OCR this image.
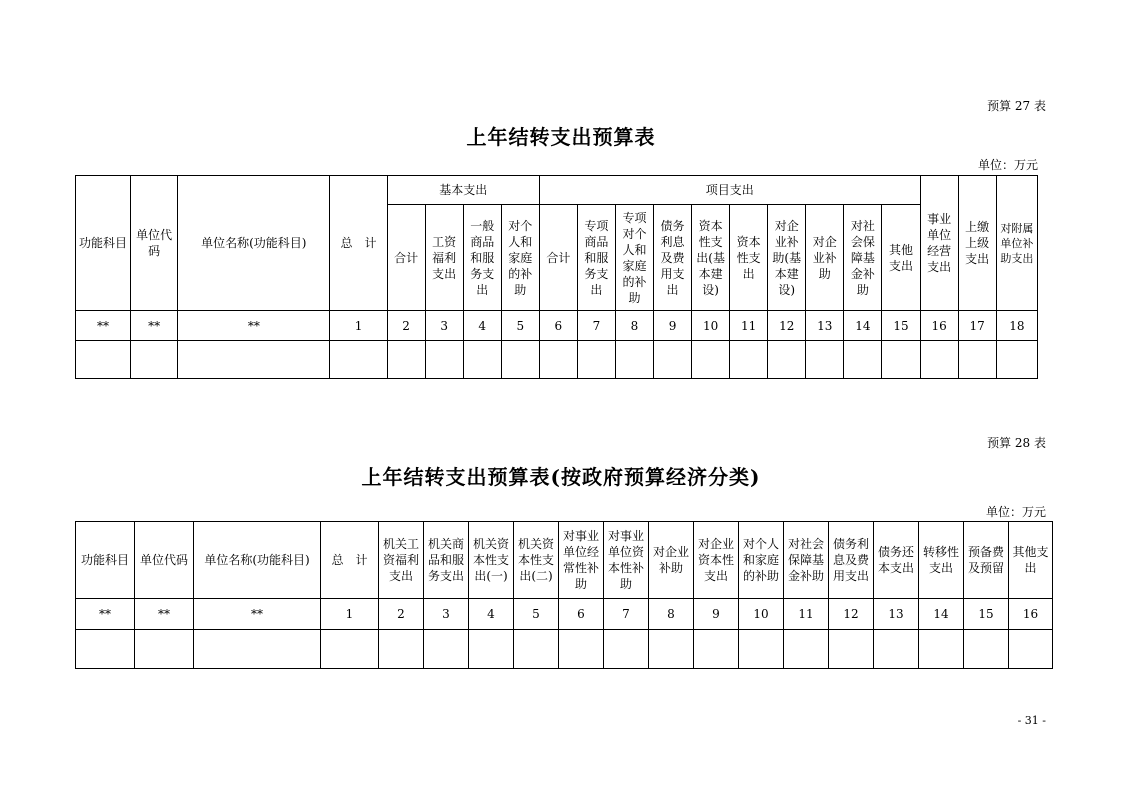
预算 27 表
上年结转支出预算表
单位：万元
功能科目	单位代码	单位名称(功能科目)	总　计	基本支出				项目支出										事业单位经营支出	上缴上级支出	对附属单位补助支出
				合计	工资福利支出	一般商品和服务支出	对个人和家庭的补助	合计	专项商品和服务支出	专项对个人和家庭的补助	债务利息及费用支出	资本性支出(基本建设)	资本性支出	对企业补助(基本建设)	对企业补助	对社会保障基金补助	其他支出			
**	**	**	1	2	3	4	5	6	7	8	9	10	11	12	13	14	15	16	17	18

预算 28 表
上年结转支出预算表(按政府预算经济分类)
单位：万元
功能科目	单位代码	单位名称(功能科目)	总　计	机关工资福利支出	机关商品和服务支出	机关资本性支出(一)	机关资本性支出(二)	对事业单位经常性补助	对事业单位资本性补助	对企业补助	对企业资本性支出	对个人和家庭的补助	对社会保障基金补助	债务利息及费用支出	债务还本支出	转移性支出	预备费及预留	其他支出
**	**	**	1	2	3	4	5	6	7	8	9	10	11	12	13	14	15	16

- 31 -
